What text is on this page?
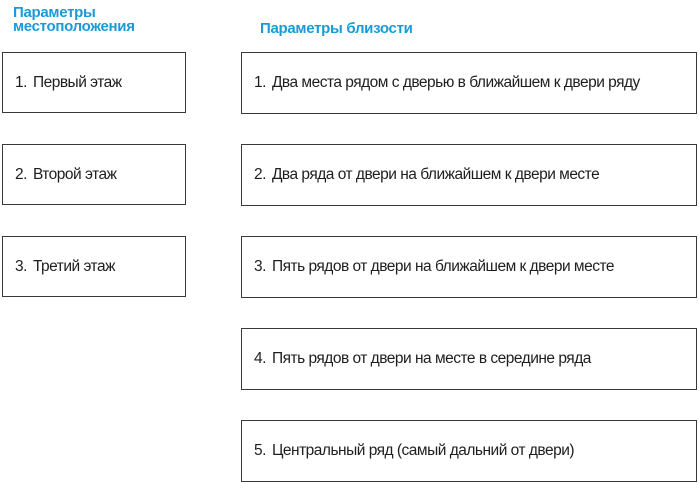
Параметры
местоположения	Параметры близости
1. Первый этаж
2. Второй этаж
3. Третий этаж
1. Два места рядом с дверью в ближайшем к двери ряду
2. Два ряда от двери на ближайшем к двери месте
3. Пять рядов от двери на ближайшем к двери месте
4. Пять рядов от двери на месте в середине ряда
5. Центральный ряд (самый дальний от двери)
